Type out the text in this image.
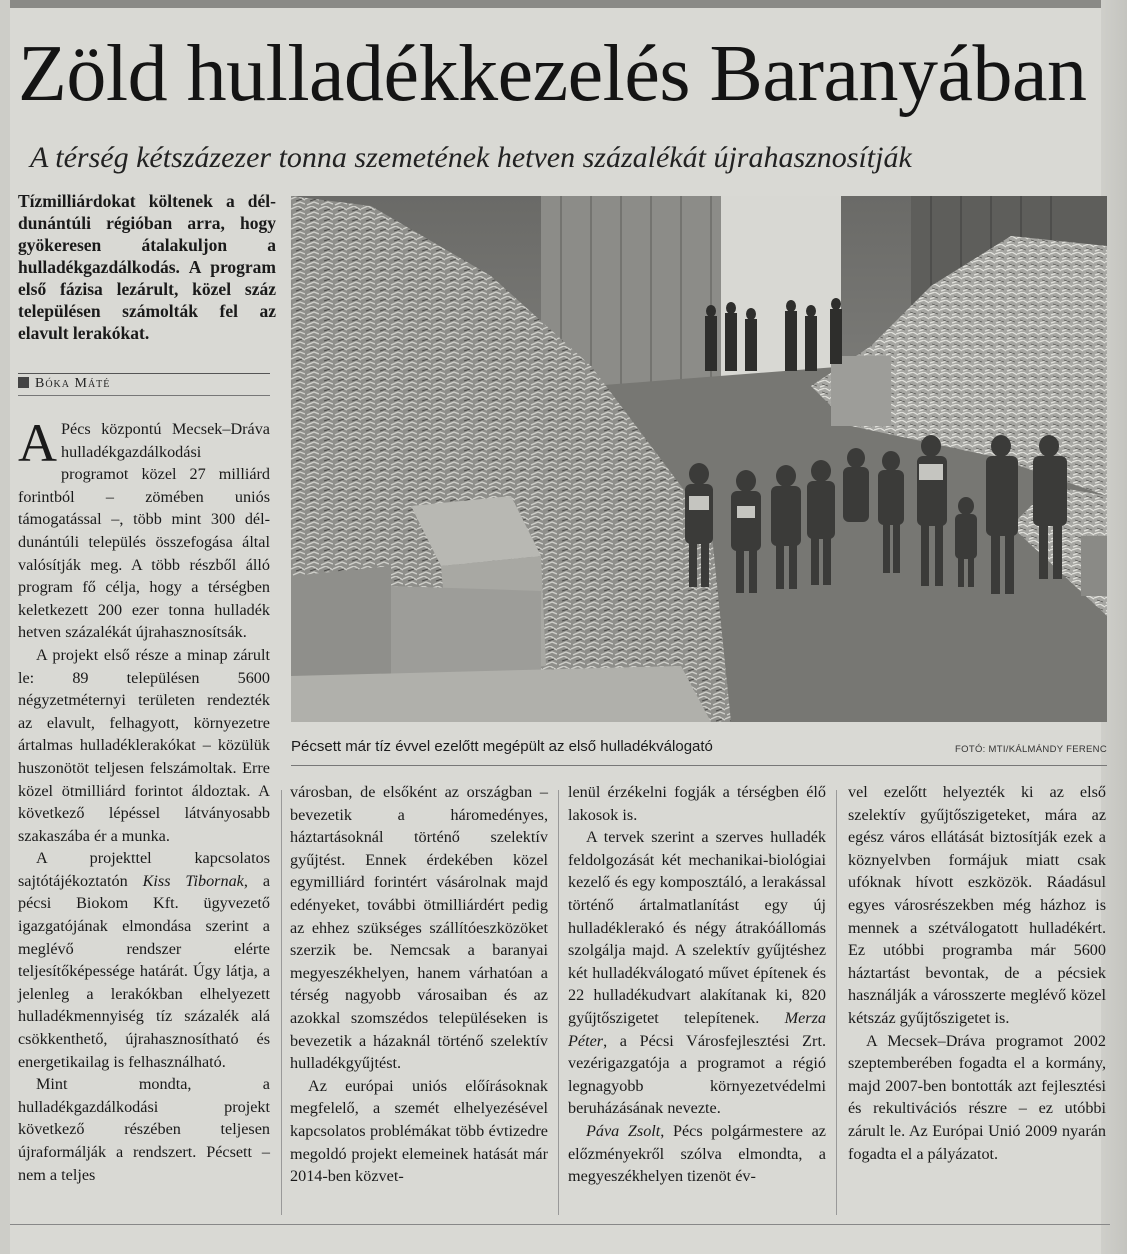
Zöld hulladékkezelés Baranyában
A térség kétszázezer tonna szemetének hetven százalékát újrahasznosítják
Tízmilliárdokat költenek a dél-dunántúli régióban arra, hogy gyökeresen átalakuljon a hulladékgazdálkodás. A program első fázisa lezárult, közel száz településen számolták fel az elavult lerakókat.
Bóka Máté

A Pécs központú Mecsek–Dráva hulladékgazdálkodási programot közel 27 milliárd forintból – zömében uniós támogatással –, több mint 300 dél-dunántúli település összefogása által valósítják meg. A több részből álló program fő célja, hogy a térségben keletkezett 200 ezer tonna hulladék hetven százalékát újrahasznosítsák.

A projekt első része a minap zárult le: 89 településen 5600 négyzetméternyi területen rendezték az elavult, felhagyott, környezetre ártalmas hulladéklerakókat – közülük huszonötöt teljesen felszámoltak. Erre közel ötmilliárd forintot áldoztak. A következő lépéssel látványosabb szakaszába ér a munka.

A projekttel kapcsolatos sajtótájékoztatón Kiss Tibornak, a pécsi Biokom Kft. ügyvezető igazgatójának elmondása szerint a meglévő rendszer elérte teljesítőképessége határát. Úgy látja, a jelenleg a lerakókban elhelyezett hulladékmennyiség tíz százalék alá csökkenthető, újrahasznosítható és energetikailag is felhasználható.

Mint mondta, a hulladékgazdálkodási projekt következő részében teljesen újraformálják a rendszert. Pécsett – nem a teljes

Pécsett már tíz évvel ezelőtt megépült az első hulladékválogató	FOTÓ: MTI/KÁLMÁNDY FERENC

városban, de elsőként az országban – bevezetik a háromedényes, háztartásoknál történő szelektív gyűjtést. Ennek érdekében közel egymilliárd forintért vásárolnak majd edényeket, további ötmilliárdért pedig az ehhez szükséges szállítóeszközöket szerzik be. Nemcsak a baranyai megyeszékhelyen, hanem várhatóan a térség nagyobb városaiban és az azokkal szomszédos településeken is bevezetik a házaknál történő szelektív hulladékgyűjtést.

Az európai uniós előírásoknak megfelelő, a szemét elhelyezésével kapcsolatos problémákat több évtizedre megoldó projekt elemeinek hatását már 2014-ben közvet-

lenül érzékelni fogják a térségben élő lakosok is.

A tervek szerint a szerves hulladék feldolgozását két mechanikai-biológiai kezelő és egy komposztáló, a lerakással történő ártalmatlanítást egy új hulladéklerakó és négy átrakóállomás szolgálja majd. A szelektív gyűjtéshez két hulladékválogató művet építenek és 22 hulladékudvart alakítanak ki, 820 gyűjtőszigetet telepítenek. Merza Péter, a Pécsi Városfejlesztési Zrt. vezérigazgatója a programot a régió legnagyobb környezetvédelmi beruházásának nevezte.

Páva Zsolt, Pécs polgármestere az előzményekről szólva elmondta, a megyeszékhelyen tizenöt év-

vel ezelőtt helyezték ki az első szelektív gyűjtőszigeteket, mára az egész város ellátását biztosítják ezek a köznyelvben formájuk miatt csak ufóknak hívott eszközök. Ráadásul egyes városrészekben még házhoz is mennek a szétválogatott hulladékért. Ez utóbbi programba már 5600 háztartást bevontak, de a pécsiek használják a városszerte meglévő közel kétszáz gyűjtőszigetet is.

A Mecsek–Dráva programot 2002 szeptemberében fogadta el a kormány, majd 2007-ben bontották azt fejlesztési és rekultivációs részre – ez utóbbi zárult le. Az Európai Unió 2009 nyarán fogadta el a pályázatot.
